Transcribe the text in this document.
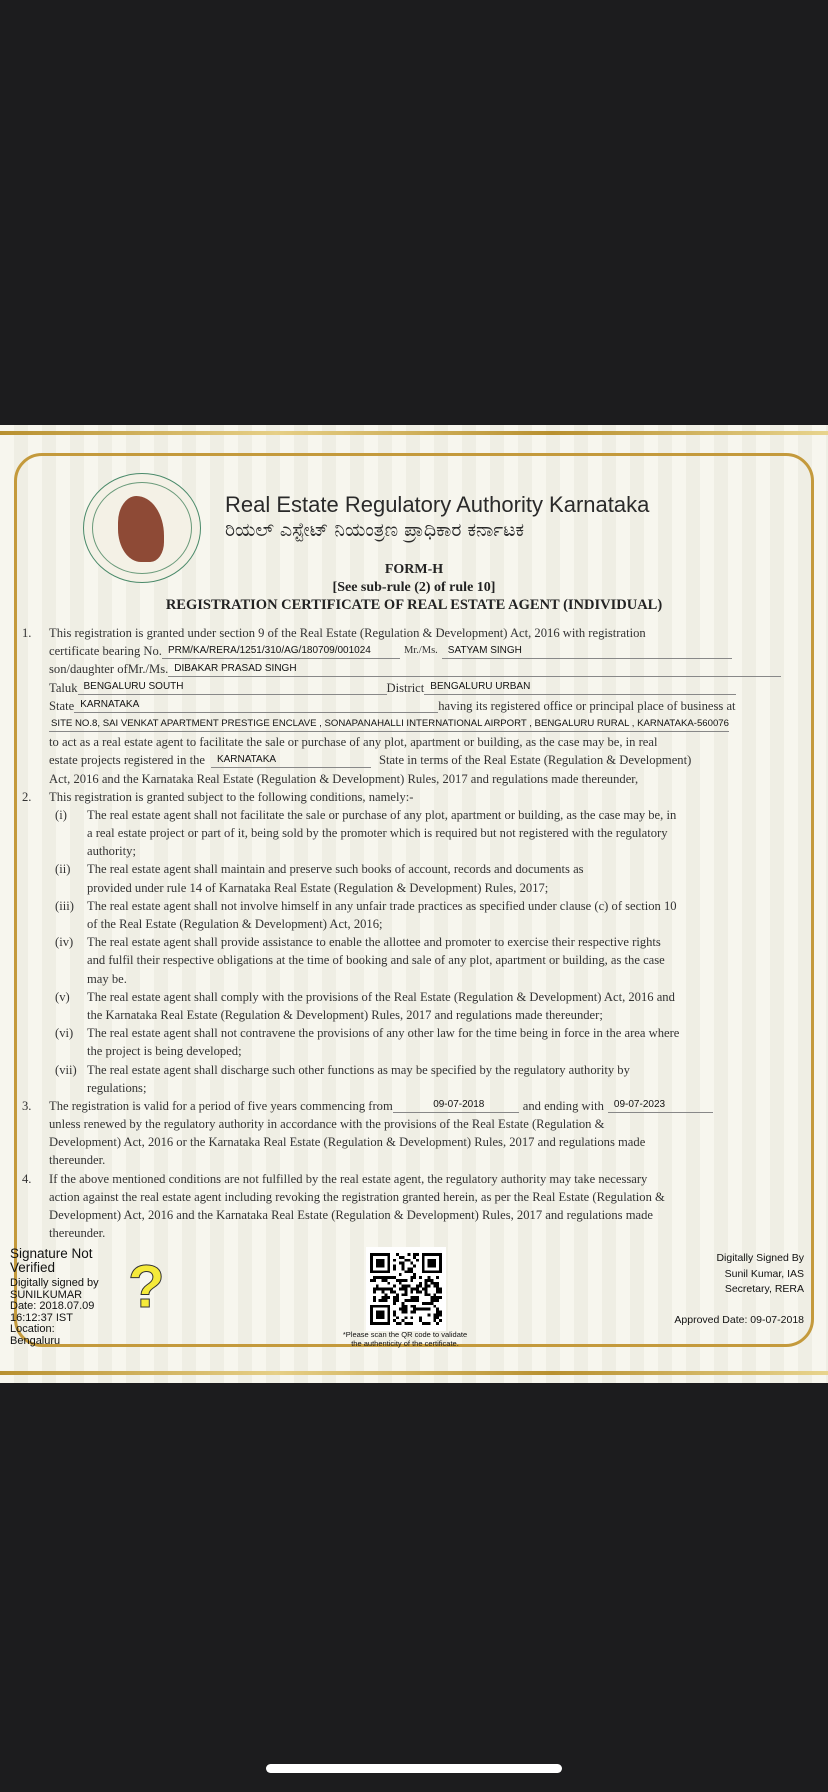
Real Estate Regulatory Authority Karnataka
ರಿಯಲ್ ಎಸ್ಟೇಟ್ ನಿಯಂತ್ರಣ ಪ್ರಾಧಿಕಾರ ಕರ್ನಾಟಕ
FORM-H
[See sub-rule (2) of rule 10]
REGISTRATION CERTIFICATE OF REAL ESTATE AGENT (INDIVIDUAL)
1.	This registration is granted under section 9 of the Real Estate (Regulation & Development) Act, 2016 with registration
certificate bearing No. PRM/KA/RERA/1251/310/AG/180709/001024	Mr./Ms.	SATYAM SINGH
son/daughter ofMr./Ms. DIBAKAR PRASAD SINGH
Taluk BENGALURU SOUTH	District BENGALURU URBAN
State KARNATAKA	having its registered office or principal place of business at
SITE NO.8, SAI VENKAT APARTMENT PRESTIGE ENCLAVE , SONAPANAHALLI INTERNATIONAL AIRPORT , BENGALURU RURAL , KARNATAKA-560076
to act as a real estate agent to facilitate the sale or purchase of any plot, apartment or building, as the case may be, in real
estate projects registered in the	KARNATAKA	State in terms of the Real Estate (Regulation & Development)
Act, 2016 and the Karnataka Real Estate (Regulation & Development) Rules, 2017 and regulations made thereunder,
2.	This registration is granted subject to the following conditions, namely:-
(i)	The real estate agent shall not facilitate the sale or purchase of any plot, apartment or building, as the case may be, in
a real estate project or part of it, being sold by the promoter which is required but not registered with the regulatory
authority;
(ii)	The real estate agent shall maintain and preserve such books of account, records and documents as
provided under rule 14 of Karnataka Real Estate (Regulation & Development) Rules, 2017;
(iii)	The real estate agent shall not involve himself in any unfair trade practices as specified under clause (c) of section 10
of the Real Estate (Regulation & Development) Act, 2016;
(iv)	The real estate agent shall provide assistance to enable the allottee and promoter to exercise their respective rights
and fulfil their respective obligations at the time of booking and sale of any plot, apartment or building, as the case
may be.
(v)	The real estate agent shall comply with the provisions of the Real Estate (Regulation & Development) Act, 2016 and
the Karnataka Real Estate (Regulation & Development) Rules, 2017 and regulations made thereunder;
(vi)	The real estate agent shall not contravene the provisions of any other law for the time being in force in the area where
the project is being developed;
(vii) The real estate agent shall discharge such other functions as may be specified by the regulatory authority by
regulations;
3.	The registration is valid for a period of five years commencing from	09-07-2018	and ending with	09-07-2023
unless renewed by the regulatory authority in accordance with the provisions of the Real Estate (Regulation &
Development) Act, 2016 or the Karnataka Real Estate (Regulation & Development) Rules, 2017 and regulations made
thereunder.
4.	If the above mentioned conditions are not fulfilled by the real estate agent, the regulatory authority may take necessary
action against the real estate agent including revoking the registration granted herein, as per the Real Estate (Regulation &
Development) Act, 2016 and the Karnataka Real Estate (Regulation & Development) Rules, 2017 and regulations made
thereunder.
?
Signature Not
Verified
Digitally signed by
SUNILKUMAR
Date: 2018.07.09
16:12:37 IST
Location:
Bengaluru	*Please scan the QR code to validate
the authenticity of the certificate.
Digitally Signed By
Sunil Kumar, IAS
Secretary, RERA
Approved Date: 09-07-2018
